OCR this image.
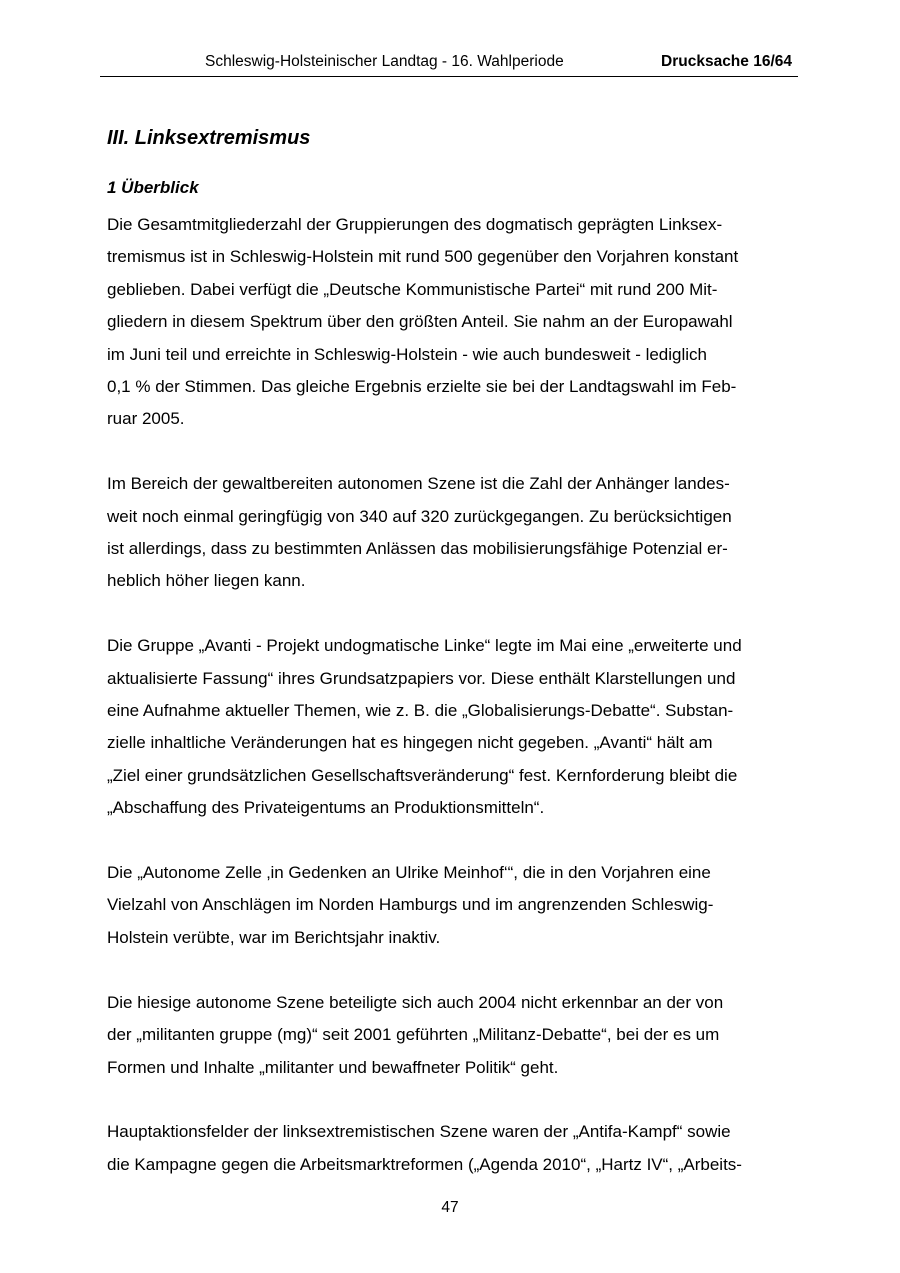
Schleswig-Holsteinischer Landtag - 16. Wahlperiode	Drucksache 16/64
III. Linksextremismus
1 Überblick

Die Gesamtmitgliederzahl der Gruppierungen des dogmatisch geprägten Linksex-
tremismus ist in Schleswig-Holstein mit rund 500 gegenüber den Vorjahren konstant
geblieben. Dabei verfügt die „Deutsche Kommunistische Partei“ mit rund 200 Mit-
gliedern in diesem Spektrum über den größten Anteil. Sie nahm an der Europawahl
im Juni teil und erreichte in Schleswig-Holstein - wie auch bundesweit - lediglich
0,1 % der Stimmen. Das gleiche Ergebnis erzielte sie bei der Landtagswahl im Feb-
ruar 2005.

Im Bereich der gewaltbereiten autonomen Szene ist die Zahl der Anhänger landes-
weit noch einmal geringfügig von 340 auf 320 zurückgegangen. Zu berücksichtigen
ist allerdings, dass zu bestimmten Anlässen das mobilisierungsfähige Potenzial er-
heblich höher liegen kann.

Die Gruppe „Avanti - Projekt undogmatische Linke“ legte im Mai eine „erweiterte und
aktualisierte Fassung“ ihres Grundsatzpapiers vor. Diese enthält Klarstellungen und
eine Aufnahme aktueller Themen, wie z. B. die „Globalisierungs-Debatte“. Substan-
zielle inhaltliche Veränderungen hat es hingegen nicht gegeben. „Avanti“ hält am
„Ziel einer grundsätzlichen Gesellschaftsveränderung“ fest. Kernforderung bleibt die
„Abschaffung des Privateigentums an Produktionsmitteln“.

Die „Autonome Zelle ‚in Gedenken an Ulrike Meinhof‘“, die in den Vorjahren eine
Vielzahl von Anschlägen im Norden Hamburgs und im angrenzenden Schleswig-
Holstein verübte, war im Berichtsjahr inaktiv.

Die hiesige autonome Szene beteiligte sich auch 2004 nicht erkennbar an der von
der „militanten gruppe (mg)“ seit 2001 geführten „Militanz-Debatte“, bei der es um
Formen und Inhalte „militanter und bewaffneter Politik“ geht.

Hauptaktionsfelder der linksextremistischen Szene waren der „Antifa-Kampf“ sowie
die Kampagne gegen die Arbeitsmarktreformen („Agenda 2010“, „Hartz IV“, „Arbeits-

47
